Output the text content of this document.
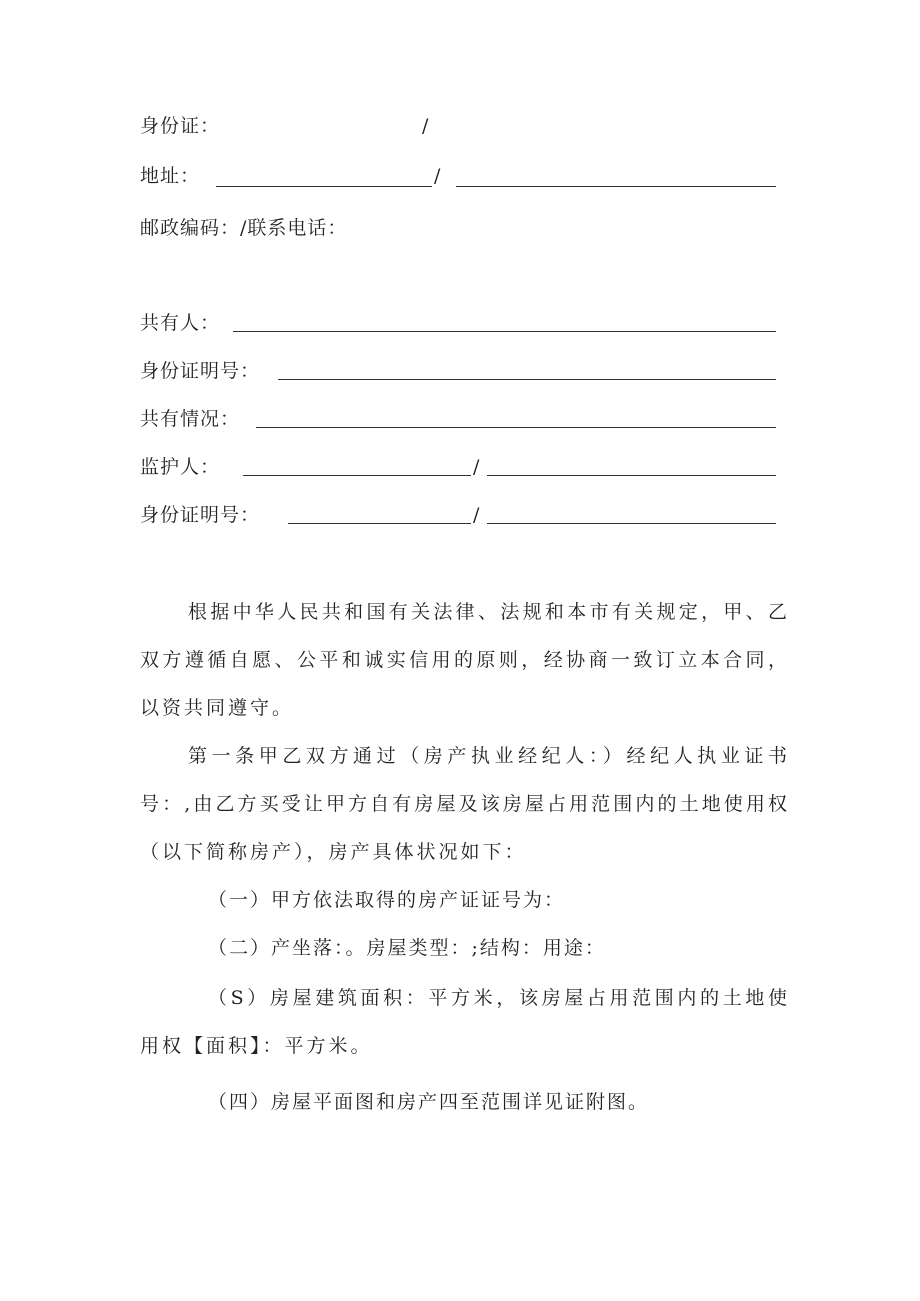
身份证：	/
地址：	/
邮政编码：/联系电话：
共有人：
身份证明号：
共有情况：
监护人：	/
身份证明号：	/
根据中华人民共和国有关法律、法规和本市有关规定，甲、乙双方遵循自愿、公平和诚实信用的原则，经协商一致订立本合同，以资共同遵守。
第一条甲乙双方通过（房产执业经纪人：）经纪人执业证书号：,由乙方买受让甲方自有房屋及该房屋占用范围内的土地使用权（以下简称房产），房产具体状况如下：
（一）甲方依法取得的房产证证号为：
（二）产坐落：。房屋类型：;结构：用途：
（S）房屋建筑面积：平方米，该房屋占用范围内的土地使用权【面积】：平方米。
（四）房屋平面图和房产四至范围详见证附图。
